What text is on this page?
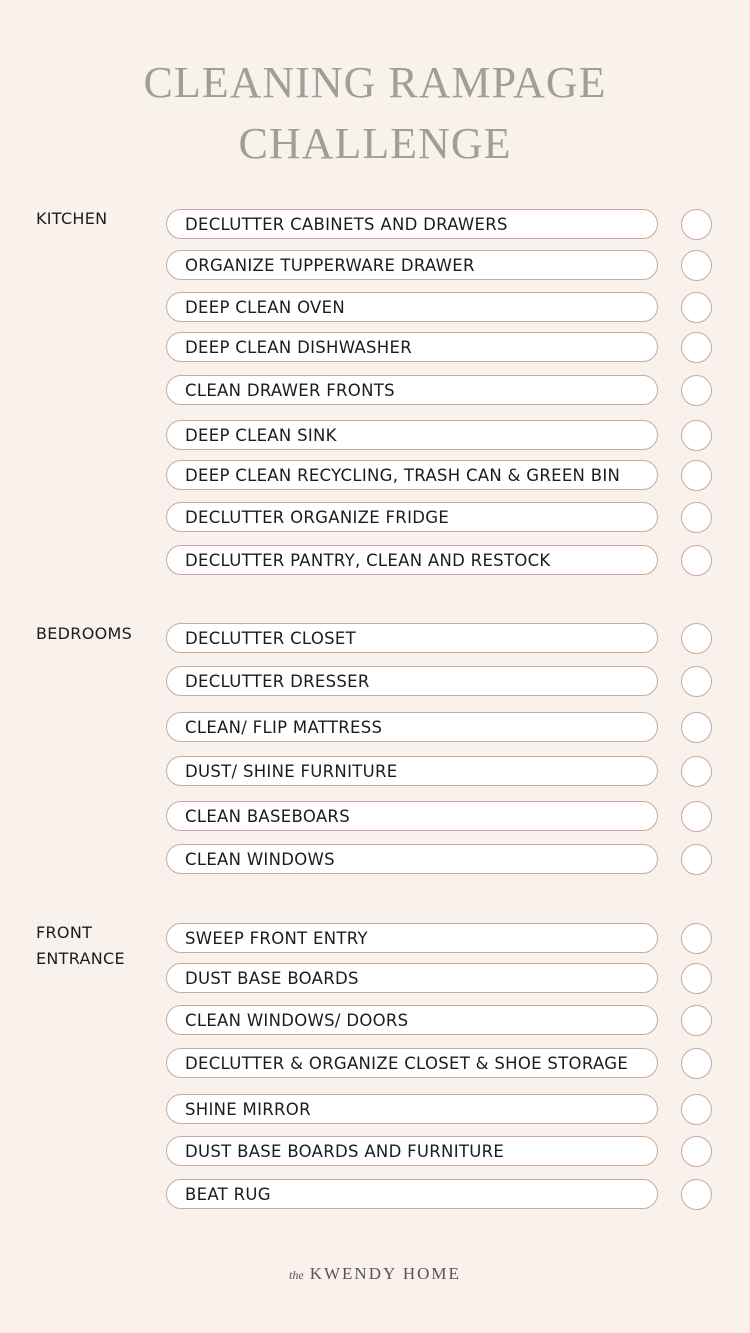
CLEANING RAMPAGE
CHALLENGE
KITCHEN
BEDROOMS
FRONT
ENTRANCE
DECLUTTER CABINETS AND DRAWERS
ORGANIZE TUPPERWARE DRAWER
DEEP CLEAN OVEN
DEEP CLEAN DISHWASHER
CLEAN DRAWER FRONTS
DEEP CLEAN SINK
DEEP CLEAN RECYCLING, TRASH CAN & GREEN BIN
DECLUTTER ORGANIZE FRIDGE
DECLUTTER PANTRY, CLEAN AND RESTOCK
DECLUTTER CLOSET
DECLUTTER DRESSER
CLEAN/ FLIP MATTRESS
DUST/ SHINE FURNITURE
CLEAN BASEBOARS
CLEAN WINDOWS
SWEEP FRONT ENTRY
DUST BASE BOARDS
CLEAN WINDOWS/ DOORS
DECLUTTER & ORGANIZE CLOSET & SHOE STORAGE
SHINE MIRROR
DUST BASE BOARDS AND FURNITURE
BEAT RUG
the KWENDY HOME
